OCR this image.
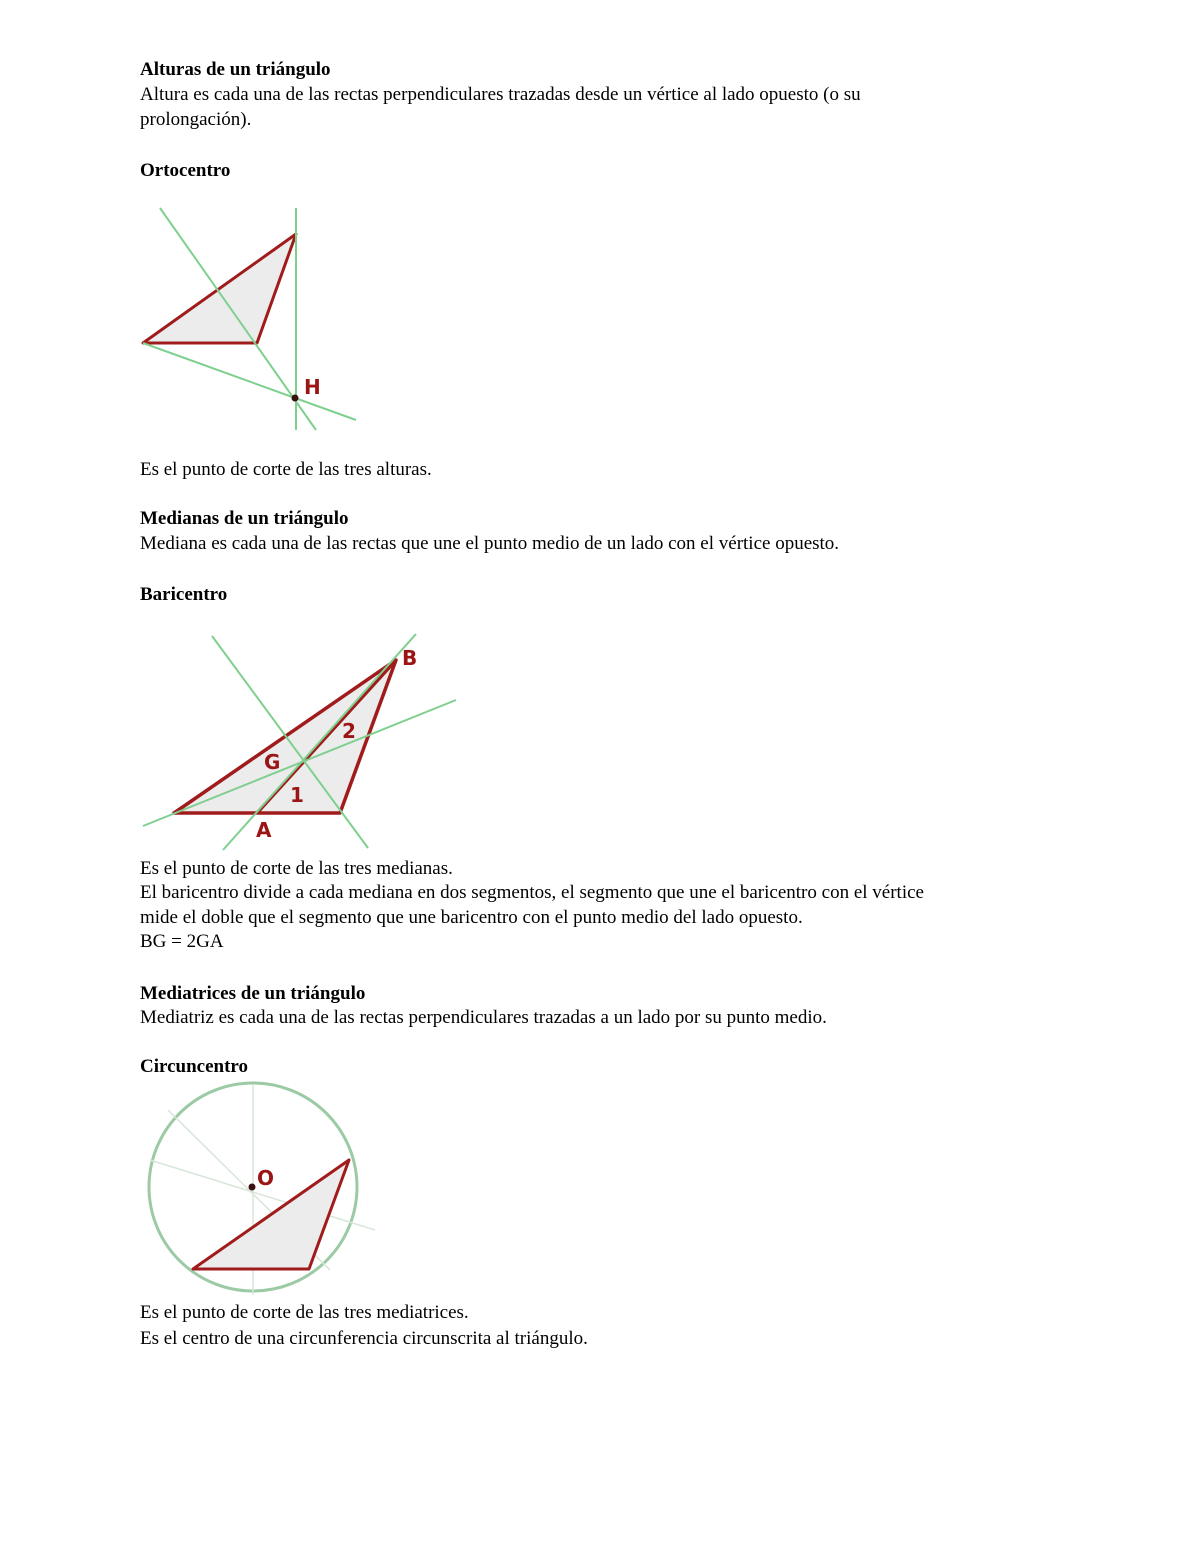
Alturas de un triángulo

Altura es cada una de las rectas perpendiculares trazadas desde un vértice al lado opuesto (o su

prolongación).

Ortocentro

H

Es el punto de corte de las tres alturas.

Medianas de un triángulo

Mediana es cada una de las rectas que une el punto medio de un lado con el vértice opuesto.

Baricentro

B
2
G
1
A

Es el punto de corte de las tres medianas.

El baricentro divide a cada mediana en dos segmentos, el segmento que une el baricentro con el vértice

mide el doble que el segmento que une baricentro con el punto medio del lado opuesto.

BG = 2GA

Mediatrices de un triángulo

Mediatriz es cada una de las rectas perpendiculares trazadas a un lado por su punto medio.

Circuncentro

O

Es el punto de corte de las tres mediatrices.

Es el centro de una circunferencia circunscrita al triángulo.
